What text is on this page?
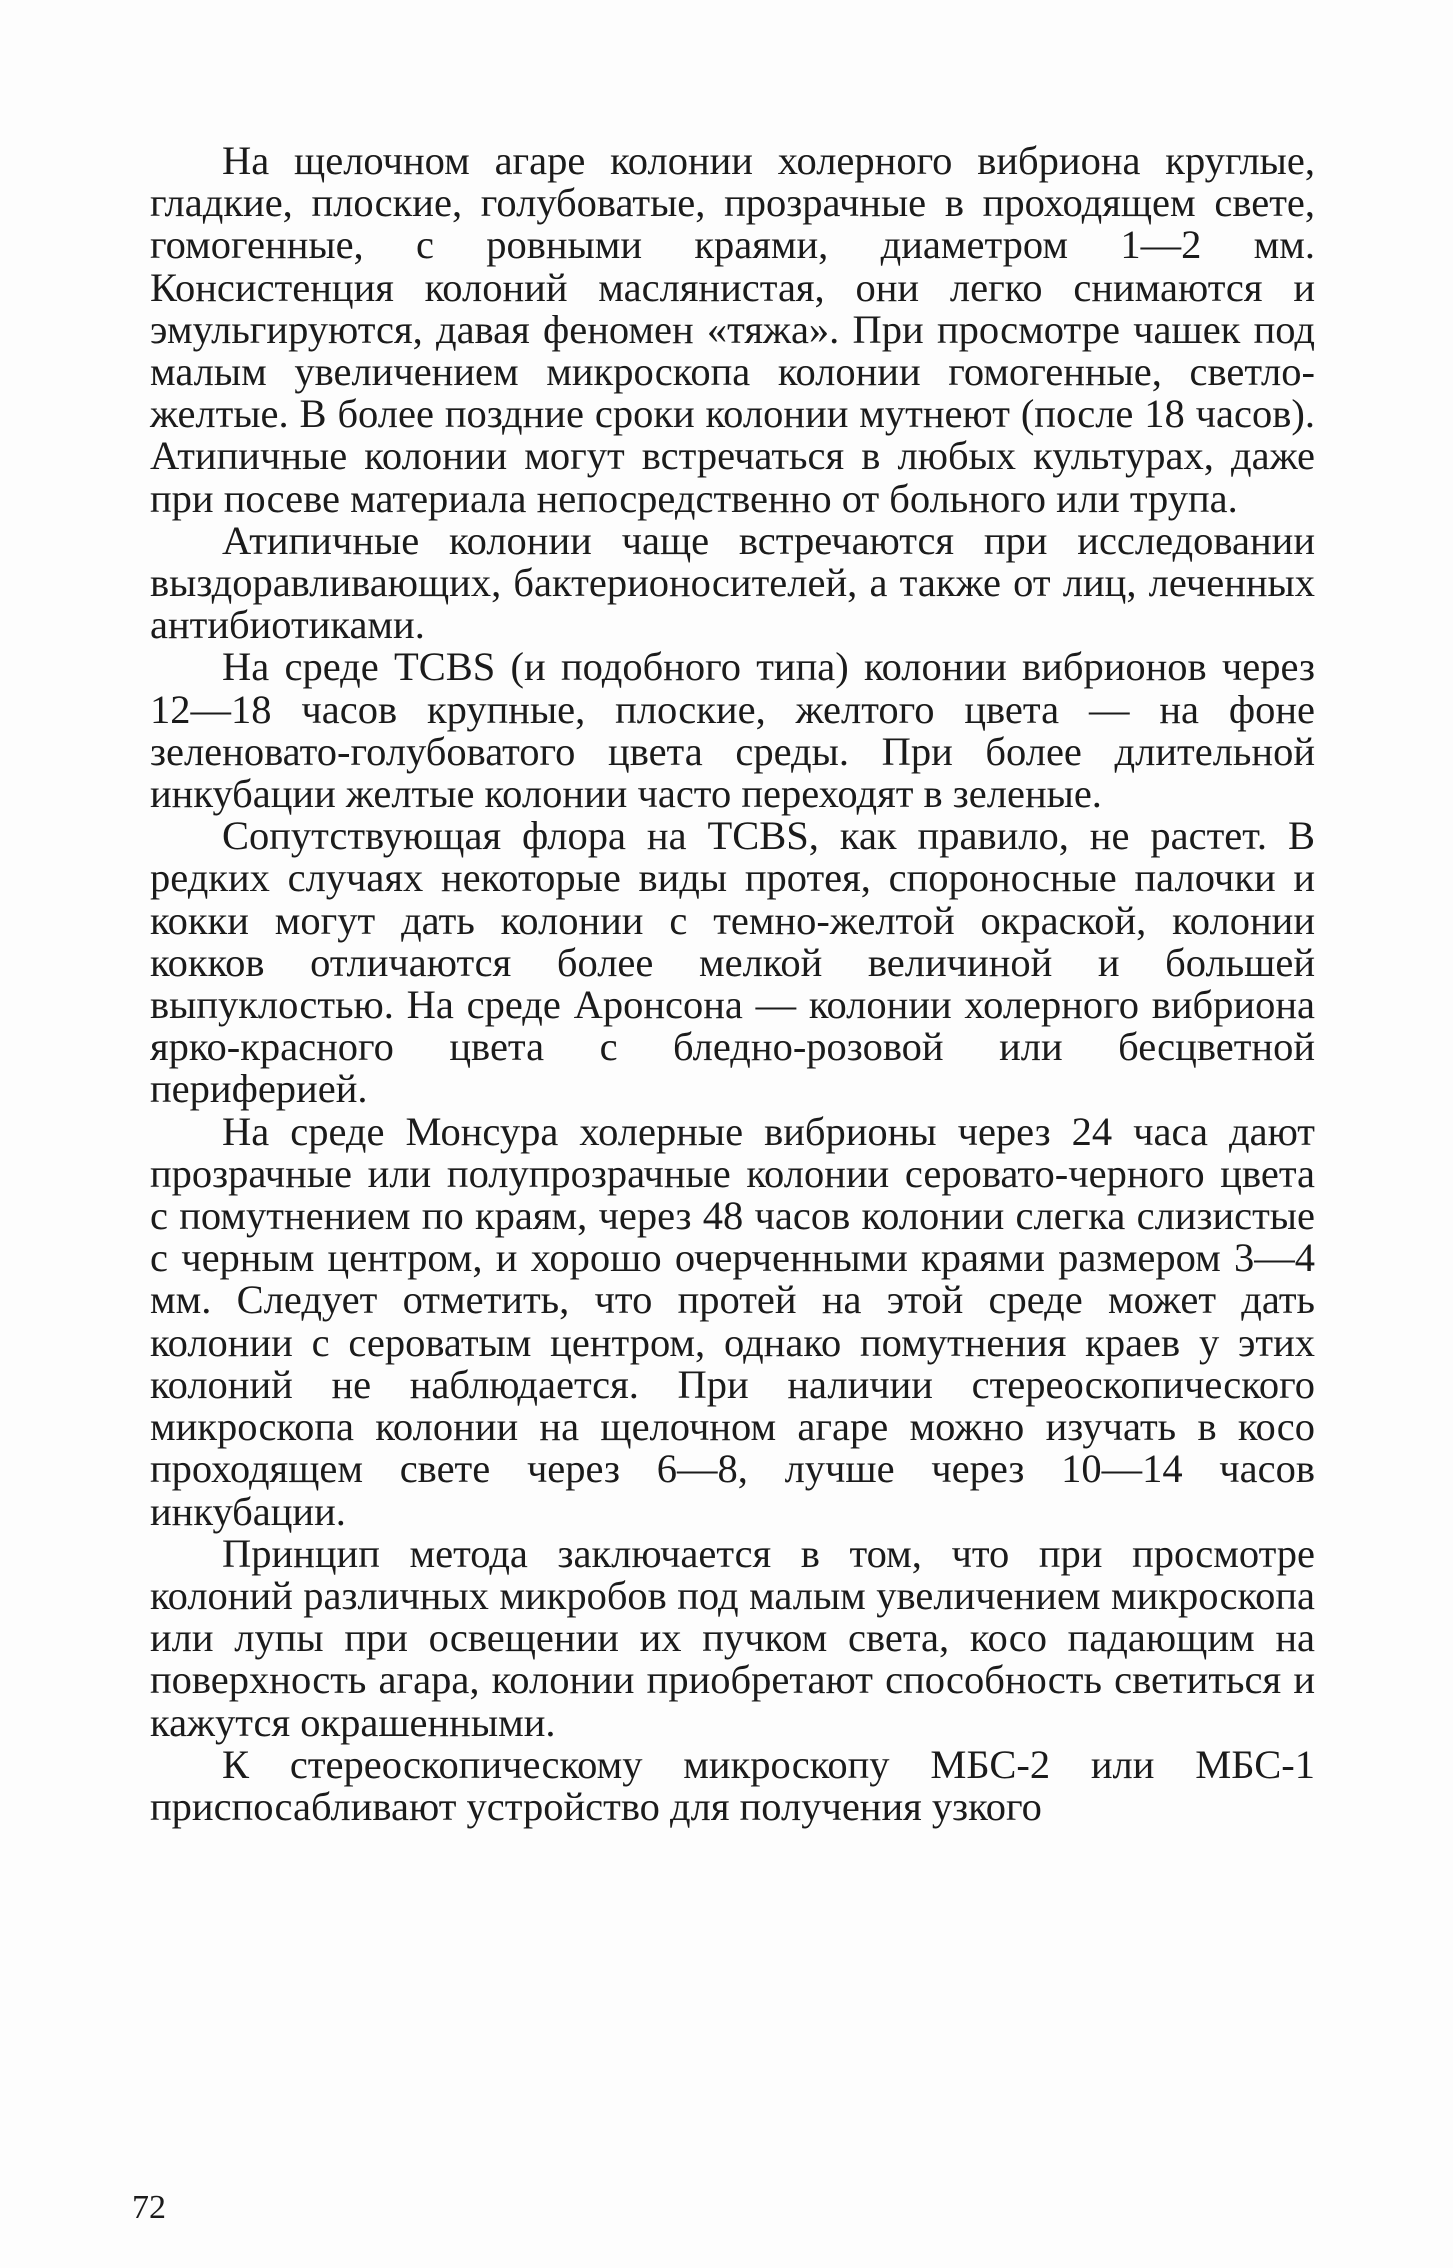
На щелочном агаре колонии холерного вибриона круглые, гладкие, плоские, голубоватые, прозрачные в проходящем свете, гомогенные, с ровными краями, диаметром 1—2 мм. Консистенция колоний маслянистая, они легко снимаются и эмульгируются, давая феномен «тяжа». При просмотре чашек под малым увеличением микроскопа колонии гомогенные, светло-желтые. В более поздние сроки колонии мутнеют (после 18 часов). Атипичные колонии могут встречаться в любых культурах, даже при посеве материала непосредственно от больного или трупа.

Атипичные колонии чаще встречаются при исследовании выздоравливающих, бактерионосителей, а также от лиц, леченных антибиотиками.

На среде TCBS (и подобного типа) колонии вибрионов через 12—18 часов крупные, плоские, желтого цвета — на фоне зеленовато-голубоватого цвета среды. При более длительной инкубации желтые колонии часто переходят в зеленые.

Сопутствующая флора на TCBS, как правило, не растет. В редких случаях некоторые виды протея, спороносные палочки и кокки могут дать колонии с темно-желтой окраской, колонии кокков отличаются более мелкой величиной и большей выпуклостью. На среде Аронсона — колонии холерного вибриона ярко-красного цвета с бледно-розовой или бесцветной периферией.

На среде Монсура холерные вибрионы через 24 часа дают прозрачные или полупрозрачные колонии серовато-черного цвета с помутнением по краям, через 48 часов колонии слегка слизистые с черным центром, и хорошо очерченными краями размером 3—4 мм. Следует отметить, что протей на этой среде может дать колонии с сероватым центром, однако помутнения краев у этих колоний не наблюдается. При наличии стереоскопического микроскопа колонии на щелочном агаре можно изучать в косо проходящем свете через 6—8, лучше через 10—14 часов инкубации.

Принцип метода заключается в том, что при просмотре колоний различных микробов под малым увеличением микроскопа или лупы при освещении их пучком света, косо падающим на поверхность агара, колонии приобретают способность светиться и кажутся окрашенными.

К стереоскопическому микроскопу МБС-2 или МБС-1 приспосабливают устройство для получения узкого

72
